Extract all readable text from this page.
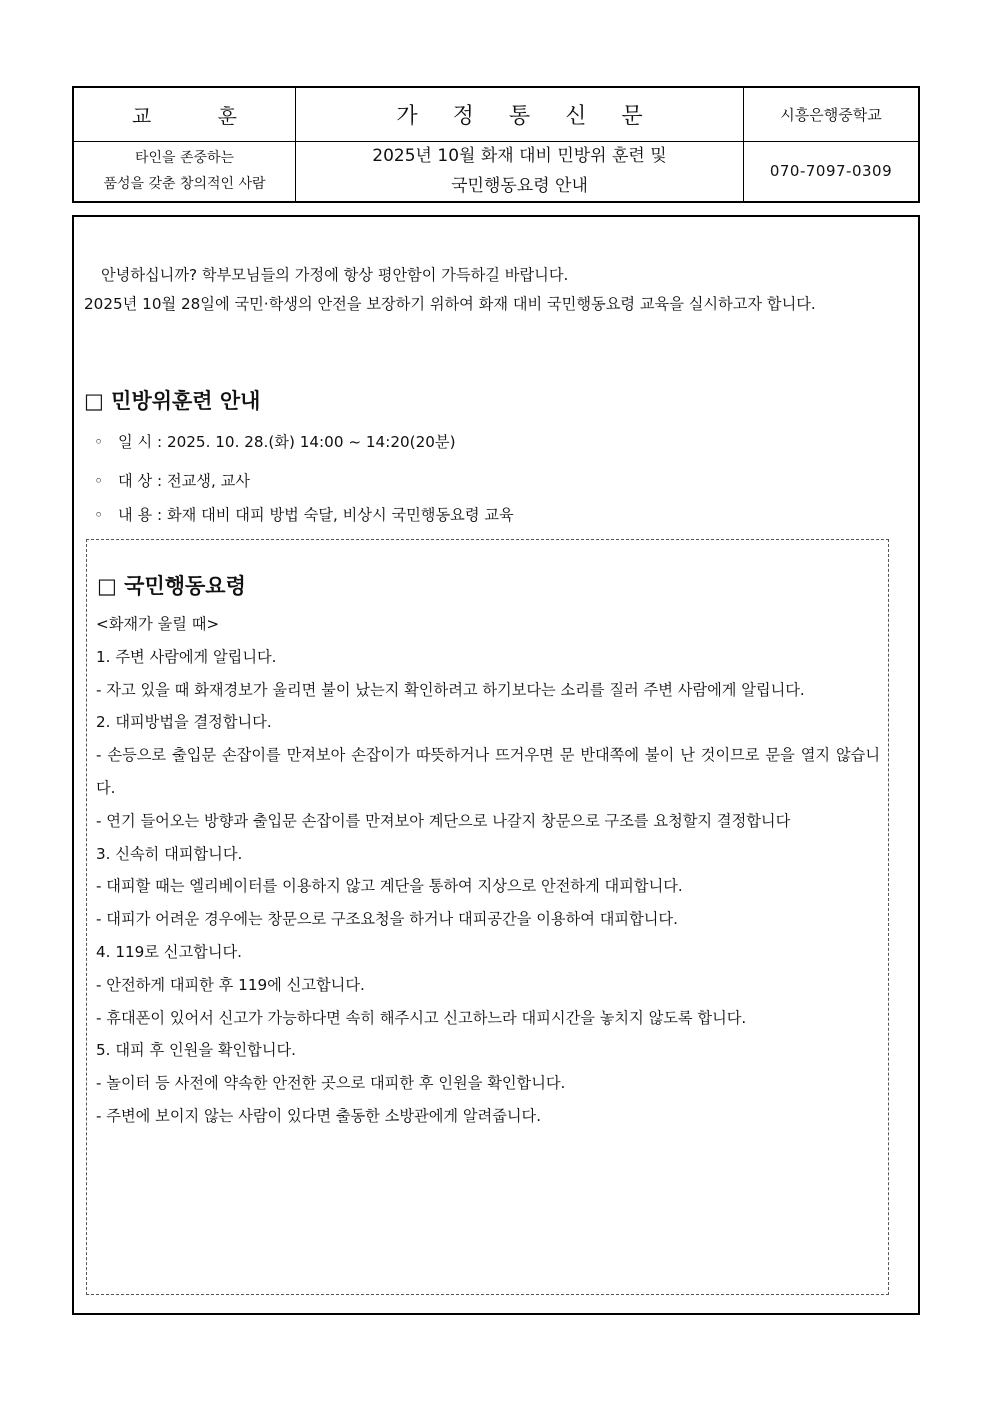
교 훈	가 정 통 신 문	시흥은행중학교
타인을 존중하는
품성을 갖춘 창의적인 사람
2025년 10월 화재 대비 민방위 훈련 및
국민행동요령 안내
070-7097-0309

안녕하십니까? 학부모님들의 가정에 항상 평안함이 가득하길 바랍니다.

2025년 10월 28일에 국민·학생의 안전을 보장하기 위하여 화재 대비 국민행동요령 교육을 실시하고자 합니다.

□ 민방위훈련 안내
◦ 일 시 : 2025. 10. 28.(화) 14:00 ~ 14:20(20분)
◦ 대 상 : 전교생, 교사
◦ 내 용 : 화재 대비 대피 방법 숙달, 비상시 국민행동요령 교육
□ 국민행동요령
<화재가 울릴 때>
1. 주변 사람에게 알립니다.
- 자고 있을 때 화재경보가 울리면 불이 났는지 확인하려고 하기보다는 소리를 질러 주변 사람에게 알립니다.
2. 대피방법을 결정합니다.
- 손등으로 출입문 손잡이를 만져보아 손잡이가 따뜻하거나 뜨거우면 문 반대쪽에 불이 난 것이므로 문을 열지 않습니다.
- 연기 들어오는 방향과 출입문 손잡이를 만져보아 계단으로 나갈지 창문으로 구조를 요청할지 결정합니다
3. 신속히 대피합니다.
- 대피할 때는 엘리베이터를 이용하지 않고 계단을 통하여 지상으로 안전하게 대피합니다.
- 대피가 어려운 경우에는 창문으로 구조요청을 하거나 대피공간을 이용하여 대피합니다.
4. 119로 신고합니다.
- 안전하게 대피한 후 119에 신고합니다.
- 휴대폰이 있어서 신고가 가능하다면 속히 해주시고 신고하느라 대피시간을 놓치지 않도록 합니다.
5. 대피 후 인원을 확인합니다.
- 놀이터 등 사전에 약속한 안전한 곳으로 대피한 후 인원을 확인합니다.
- 주변에 보이지 않는 사람이 있다면 출동한 소방관에게 알려줍니다.
